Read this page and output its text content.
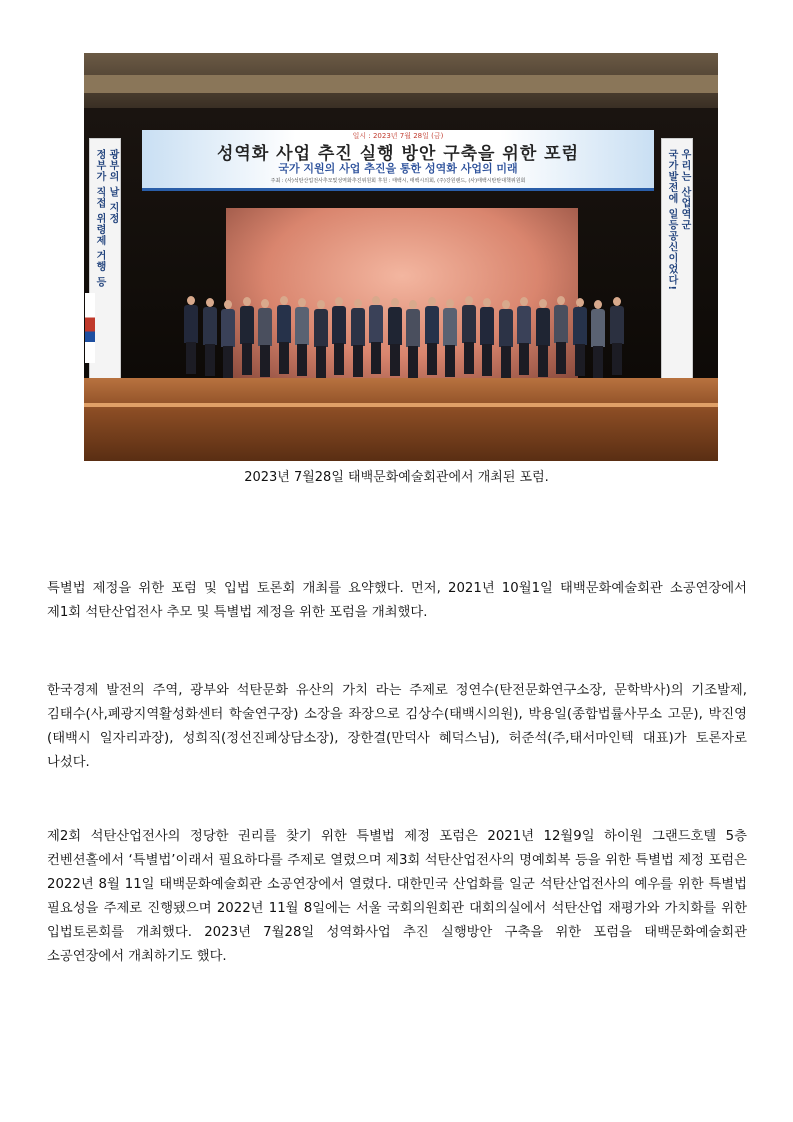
일시 : 2023년 7월 28일 (금)
성역화 사업 추진 실행 방안 구축을 위한 포럼
국가 지원의 사업 추진을 통한 성역화 사업의 미래
주최 : (사)석탄산업전사추모및성역화추진위원회 후원 : 태백시, 태백시의회, (주)강원랜드, (사)태백시탄탄대책위원회
광부의 날 지정
정부가 직접 위령제 거행 등	우리는 산업역군
국가발전에 일등공신이었다!
2023년 7월28일 태백문화예술회관에서 개최된 포럼.

특별법 제정을 위한 포럼 및 입법 토론회 개최를 요약했다. 먼저, 2021년 10월1일 태백문화예술회관 소공연장에서 제1회 석탄산업전사 추모 및 특별법 제정을 위한 포럼을 개최했다.

한국경제 발전의 주역, 광부와 석탄문화 유산의 가치 라는 주제로 정연수(탄전문화연구소장, 문학박사)의 기조발제, 김태수(사,폐광지역활성화센터 학술연구장) 소장을 좌장으로 김상수(태백시의원), 박용일(종합법률사무소 고문), 박진영(태백시 일자리과장), 성희직(정선진폐상담소장), 장한결(만덕사 혜덕스님), 허준석(주,태서마인텍 대표)가 토론자로 나섰다.

제2회 석탄산업전사의 정당한 권리를 찾기 위한 특별법 제정 포럼은 2021년 12월9일 하이원 그랜드호텔 5층 컨벤션홀에서 ‘특별법’이래서 필요하다를 주제로 열렸으며 제3회 석탄산업전사의 명예회복 등을 위한 특별법 제정 포럼은 2022년 8월 11일 태백문화예술회관 소공연장에서 열렸다. 대한민국 산업화를 일군 석탄산업전사의 예우를 위한 특별법 필요성을 주제로 진행됐으며 2022년 11월 8일에는 서울 국회의원회관 대회의실에서 석탄산업 재평가와 가치화를 위한 입법토론회를 개최했다. 2023년 7월28일 성역화사업 추진 실행방안 구축을 위한 포럼을 태백문화예술회관 소공연장에서 개최하기도 했다.
